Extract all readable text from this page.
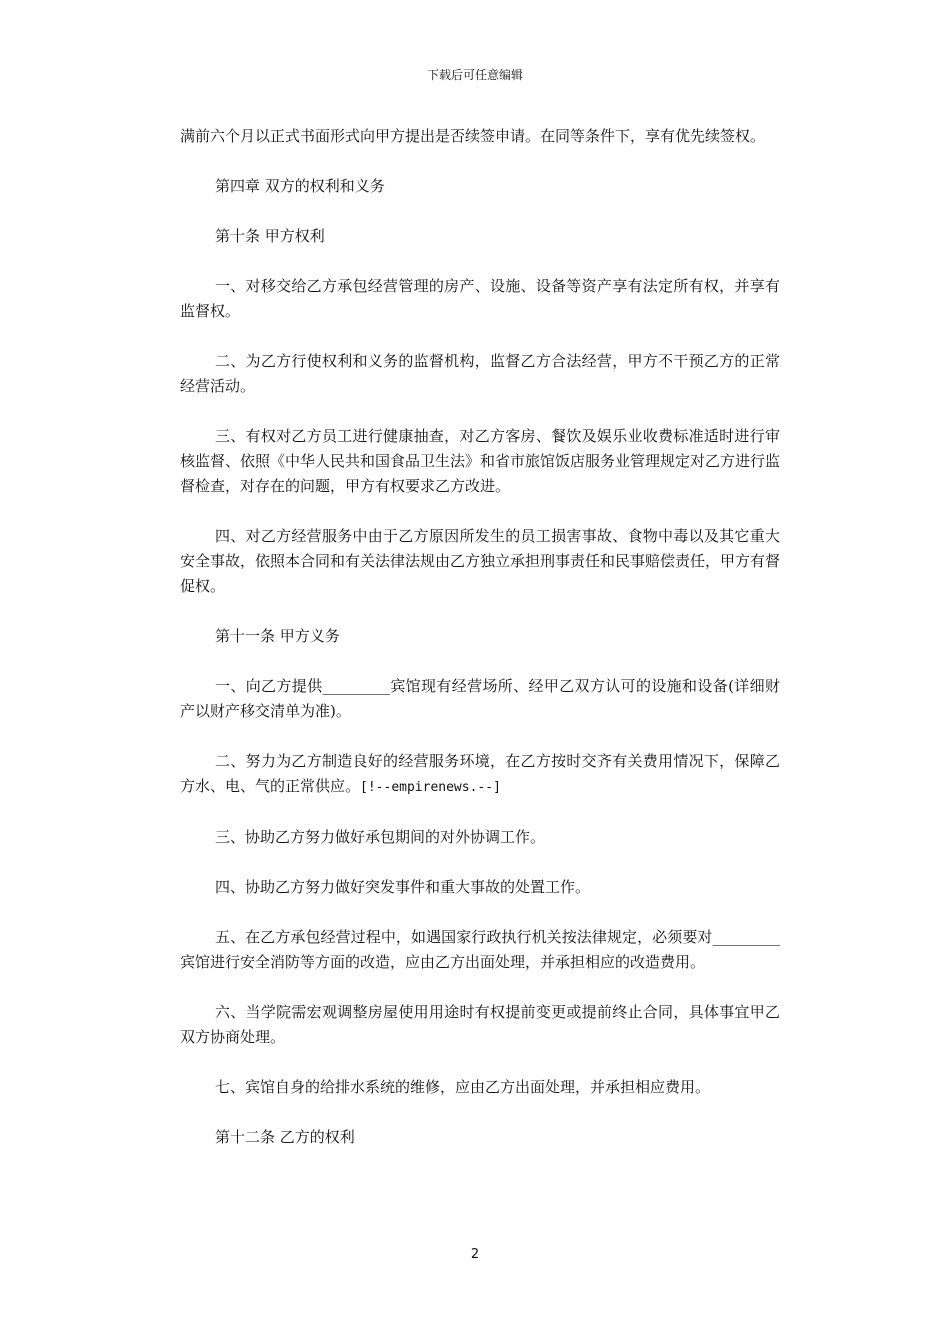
下载后可任意编辑

满前六个月以正式书面形式向甲方提出是否续签申请。在同等条件下，享有优先续签权。

第四章 双方的权利和义务

第十条 甲方权利

一、对移交给乙方承包经营管理的房产、设施、设备等资产享有法定所有权，并享有监督权。

二、为乙方行使权利和义务的监督机构，监督乙方合法经营，甲方不干预乙方的正常经营活动。

三、有权对乙方员工进行健康抽查，对乙方客房、餐饮及娱乐业收费标准适时进行审核监督、依照《中华人民共和国食品卫生法》和省市旅馆饭店服务业管理规定对乙方进行监督检查，对存在的问题，甲方有权要求乙方改进。

四、对乙方经营服务中由于乙方原因所发生的员工损害事故、食物中毒以及其它重大安全事故，依照本合同和有关法律法规由乙方独立承担刑事责任和民事赔偿责任，甲方有督促权。

第十一条 甲方义务

一、向乙方提供_________宾馆现有经营场所、经甲乙双方认可的设施和设备(详细财产以财产移交清单为准)。

二、努力为乙方制造良好的经营服务环境，在乙方按时交齐有关费用情况下，保障乙方水、电、气的正常供应。[!--empirenews.--]

三、协助乙方努力做好承包期间的对外协调工作。

四、协助乙方努力做好突发事件和重大事故的处置工作。

五、在乙方承包经营过程中，如遇国家行政执行机关按法律规定，必须要对_________宾馆进行安全消防等方面的改造，应由乙方出面处理，并承担相应的改造费用。

六、当学院需宏观调整房屋使用用途时有权提前变更或提前终止合同，具体事宜甲乙双方协商处理。

七、宾馆自身的给排水系统的维修，应由乙方出面处理，并承担相应费用。

第十二条 乙方的权利

2
